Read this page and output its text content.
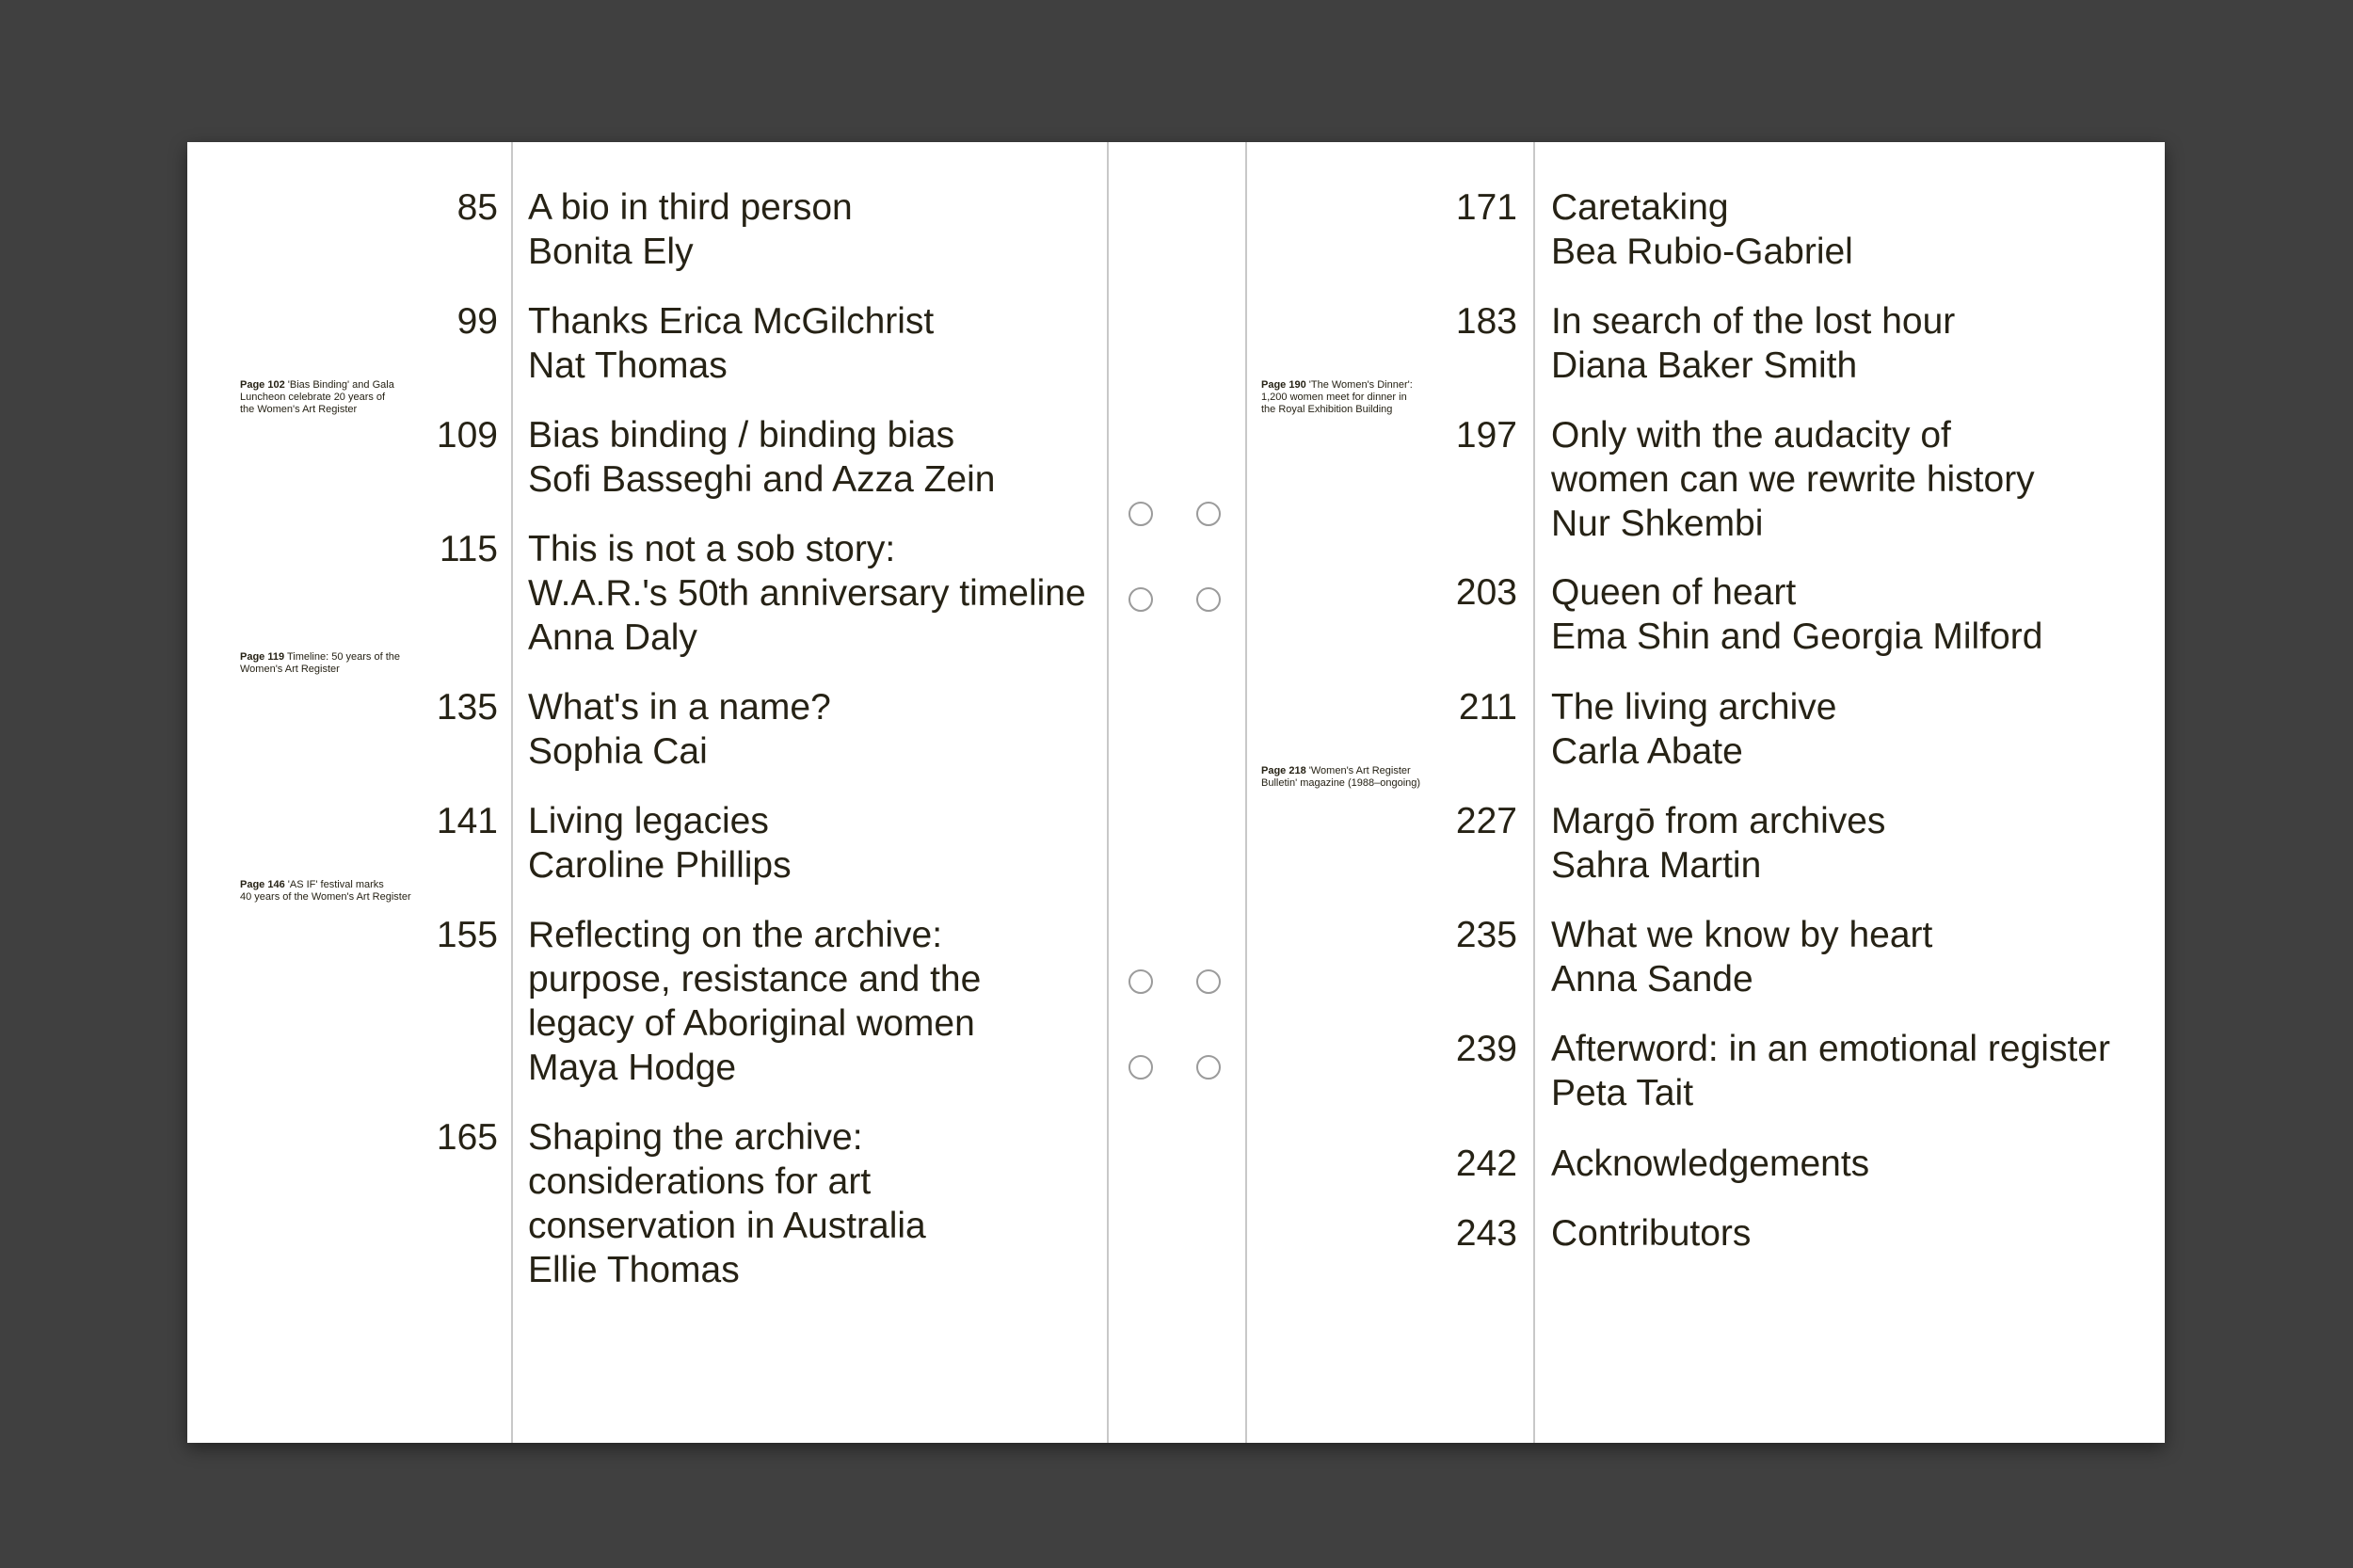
85 A bio in third person
Bonita Ely
99 Thanks Erica McGilchrist
Nat Thomas
109 Bias binding / binding bias
Sofi Basseghi and Azza Zein
115 This is not a sob story:
W.A.R.'s 50th anniversary timeline
Anna Daly
135 What's in a name?
Sophia Cai
141 Living legacies
Caroline Phillips
155 Reflecting on the archive:
purpose, resistance and the
legacy of Aboriginal women
Maya Hodge
165 Shaping the archive:
considerations for art
conservation in Australia
Ellie Thomas
Page 102 'Bias Binding' and Gala
Luncheon celebrate 20 years of
the Women's Art Register
Page 119 Timeline: 50 years of the
Women's Art Register
Page 146 'AS IF' festival marks
40 years of the Women's Art Register
171 Caretaking
Bea Rubio-Gabriel
183 In search of the lost hour
Diana Baker Smith
197 Only with the audacity of
women can we rewrite history
Nur Shkembi
203 Queen of heart
Ema Shin and Georgia Milford
211 The living archive
Carla Abate
227 Margō from archives
Sahra Martin
235 What we know by heart
Anna Sande
239 Afterword: in an emotional register
Peta Tait
242 Acknowledgements
243 Contributors
Page 190 'The Women's Dinner':
1,200 women meet for dinner in
the Royal Exhibition Building
Page 218 'Women's Art Register
Bulletin' magazine (1988–ongoing)
